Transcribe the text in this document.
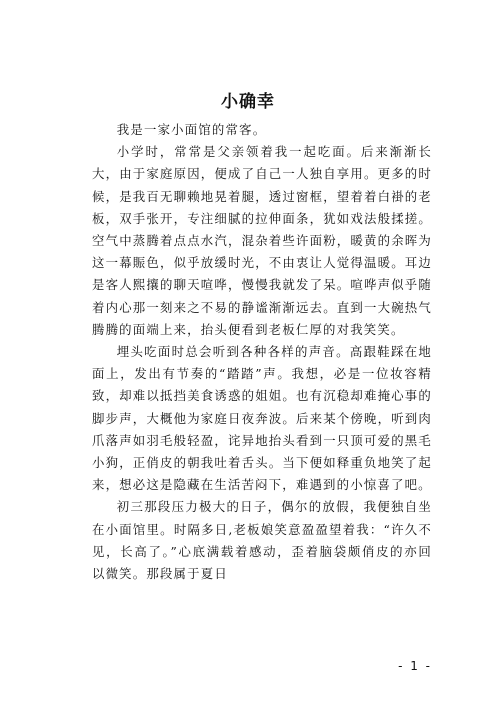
小确幸

我是一家小面馆的常客。

小学时，常常是父亲领着我一起吃面。后来渐渐长大，由于家庭原因，便成了自己一人独自享用。更多的时候，是我百无聊赖地晃着腿，透过窗框，望着着白褂的老板，双手张开，专注细腻的拉伸面条，犹如戏法般揉搓。空气中蒸腾着点点水汽，混杂着些许面粉，暖黄的余晖为这一幕賑色，似乎放缓时光，不由衷让人觉得温暖。耳边是客人熙攘的聊天喧哗，慢慢我就发了呆。喧哗声似乎随着内心那一刻来之不易的静谧渐渐远去。直到一大碗热气腾腾的面端上来，抬头便看到老板仁厚的对我笑笑。

埋头吃面时总会听到各种各样的声音。高跟鞋踩在地面上，发出有节奏的“踏踏”声。我想，必是一位妆容精致，却难以抵挡美食诱惑的姐姐。也有沉稳却难掩心事的脚步声，大概他为家庭日夜奔波。后来某个傍晚，听到肉爪落声如羽毛般轻盈，诧异地抬头看到一只顶可爱的黑毛小狗，正俏皮的朝我吐着舌头。当下便如释重负地笑了起来，想必这是隐藏在生活苦闷下，难遇到的小惊喜了吧。

初三那段压力极大的日子，偶尔的放假，我便独自坐在小面馆里。时隔多日,老板娘笑意盈盈望着我：“许久不见，长高了。”心底满载着感动，歪着脑袋颇俏皮的亦回以微笑。那段属于夏日

- 1 -
